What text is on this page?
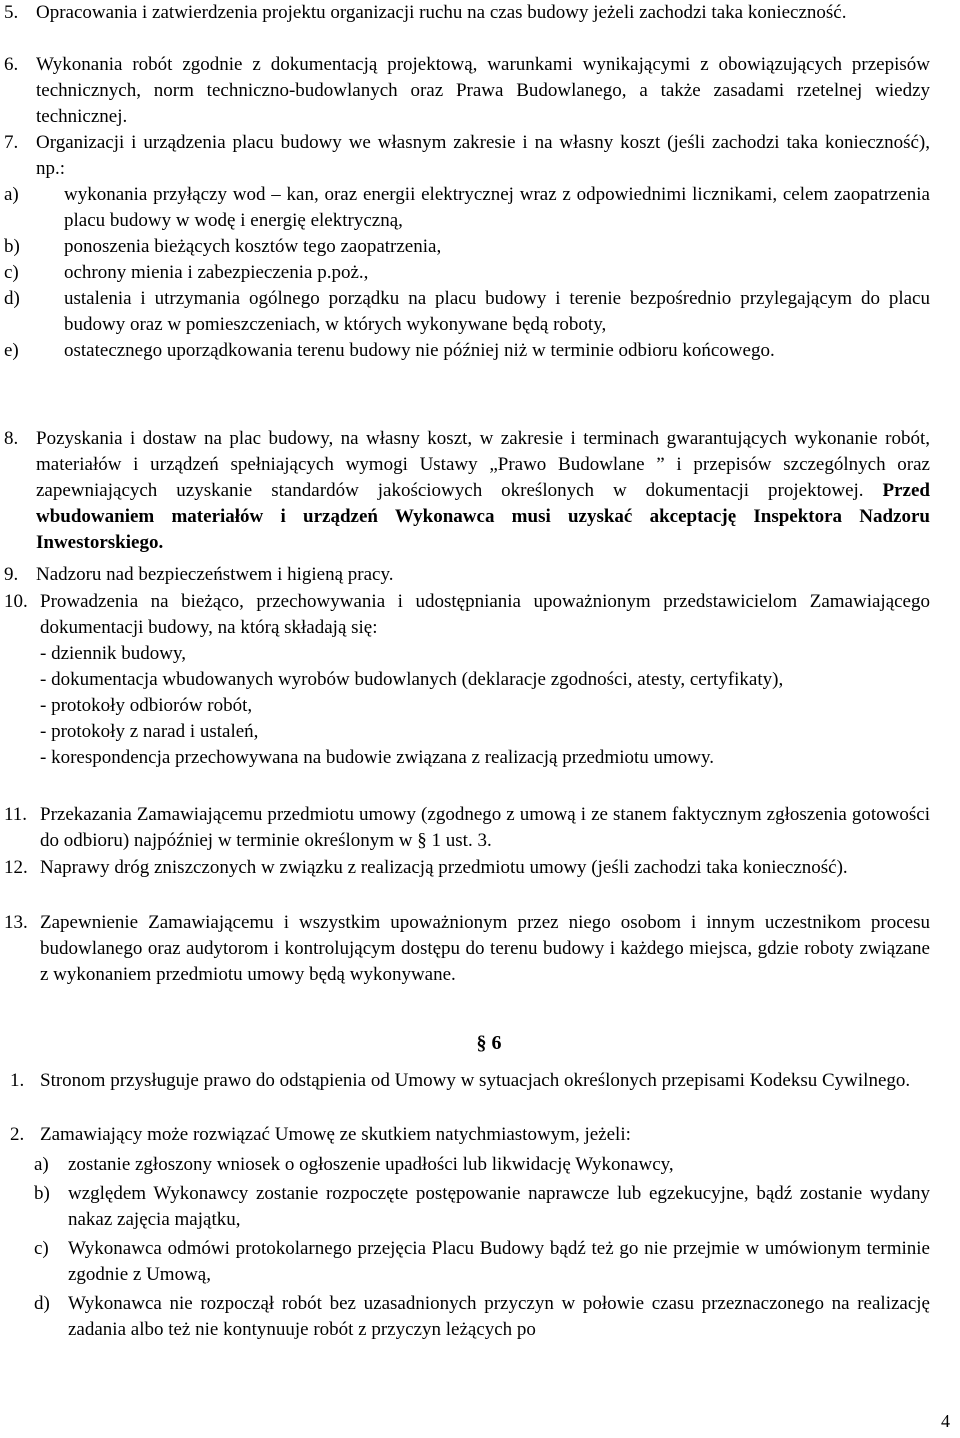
5. Opracowania i zatwierdzenia projektu organizacji ruchu na czas budowy jeżeli zachodzi taka konieczność.
6. Wykonania robót zgodnie z dokumentacją projektową, warunkami wynikającymi z obowiązujących przepisów technicznych, norm techniczno-budowlanych oraz Prawa Budowlanego, a także zasadami rzetelnej wiedzy technicznej.
7. Organizacji i urządzenia placu budowy we własnym zakresie i na własny koszt (jeśli zachodzi taka konieczność), np.:
a)	wykonania przyłączy wod – kan, oraz energii elektrycznej wraz z odpowiednimi licznikami, celem zaopatrzenia placu budowy w wodę i energię elektryczną,
b)	ponoszenia bieżących kosztów tego zaopatrzenia,
c)	ochrony mienia i zabezpieczenia p.poż.,
d)	ustalenia i utrzymania ogólnego porządku na placu budowy i terenie bezpośrednio przylegającym do placu budowy oraz w pomieszczeniach, w których wykonywane będą roboty,
e)	ostatecznego uporządkowania terenu budowy nie później niż w terminie odbioru końcowego.
8. Pozyskania i dostaw na plac budowy, na własny koszt, w zakresie i terminach gwarantujących wykonanie robót, materiałów i urządzeń spełniających wymogi Ustawy „Prawo Budowlane ” i przepisów szczególnych oraz zapewniających uzyskanie standardów jakościowych określonych w dokumentacji projektowej. Przed wbudowaniem materiałów i urządzeń Wykonawca musi uzyskać akceptację Inspektora Nadzoru Inwestorskiego.
9. Nadzoru nad bezpieczeństwem i higieną pracy.
10. Prowadzenia na bieżąco, przechowywania i udostępniania upoważnionym przedstawicielom Zamawiającego dokumentacji budowy, na którą składają się:
- dziennik budowy,
- dokumentacja wbudowanych wyrobów budowlanych (deklaracje zgodności, atesty, certyfikaty),
- protokoły odbiorów robót,
- protokoły z narad i ustaleń,
- korespondencja przechowywana na budowie związana z realizacją przedmiotu umowy.
11. Przekazania Zamawiającemu przedmiotu umowy (zgodnego z umową i ze stanem faktycznym zgłoszenia gotowości do odbioru) najpóźniej w terminie określonym w § 1 ust. 3.
12. Naprawy dróg zniszczonych w związku z realizacją przedmiotu umowy (jeśli zachodzi taka konieczność).
13. Zapewnienie Zamawiającemu i wszystkim upoważnionym przez niego osobom i innym uczestnikom procesu budowlanego oraz audytorom i kontrolującym dostępu do terenu budowy i każdego miejsca, gdzie roboty związane z wykonaniem przedmiotu umowy będą wykonywane.
§ 6
1. Stronom przysługuje prawo do odstąpienia od Umowy w sytuacjach określonych przepisami Kodeksu Cywilnego.
2. Zamawiający może rozwiązać Umowę ze skutkiem natychmiastowym, jeżeli:
a)	zostanie zgłoszony wniosek o ogłoszenie upadłości lub likwidację Wykonawcy,
b) względem Wykonawcy zostanie rozpoczęte postępowanie naprawcze lub egzekucyjne, bądź zostanie wydany nakaz zajęcia majątku,
c)	Wykonawca odmówi protokolarnego przejęcia Placu Budowy bądź też go nie przejmie w umówionym terminie zgodnie z Umową,
d) Wykonawca nie rozpoczął robót bez uzasadnionych przyczyn w połowie czasu przeznaczonego na realizację zadania albo też nie kontynuuje robót z przyczyn leżących po
4
